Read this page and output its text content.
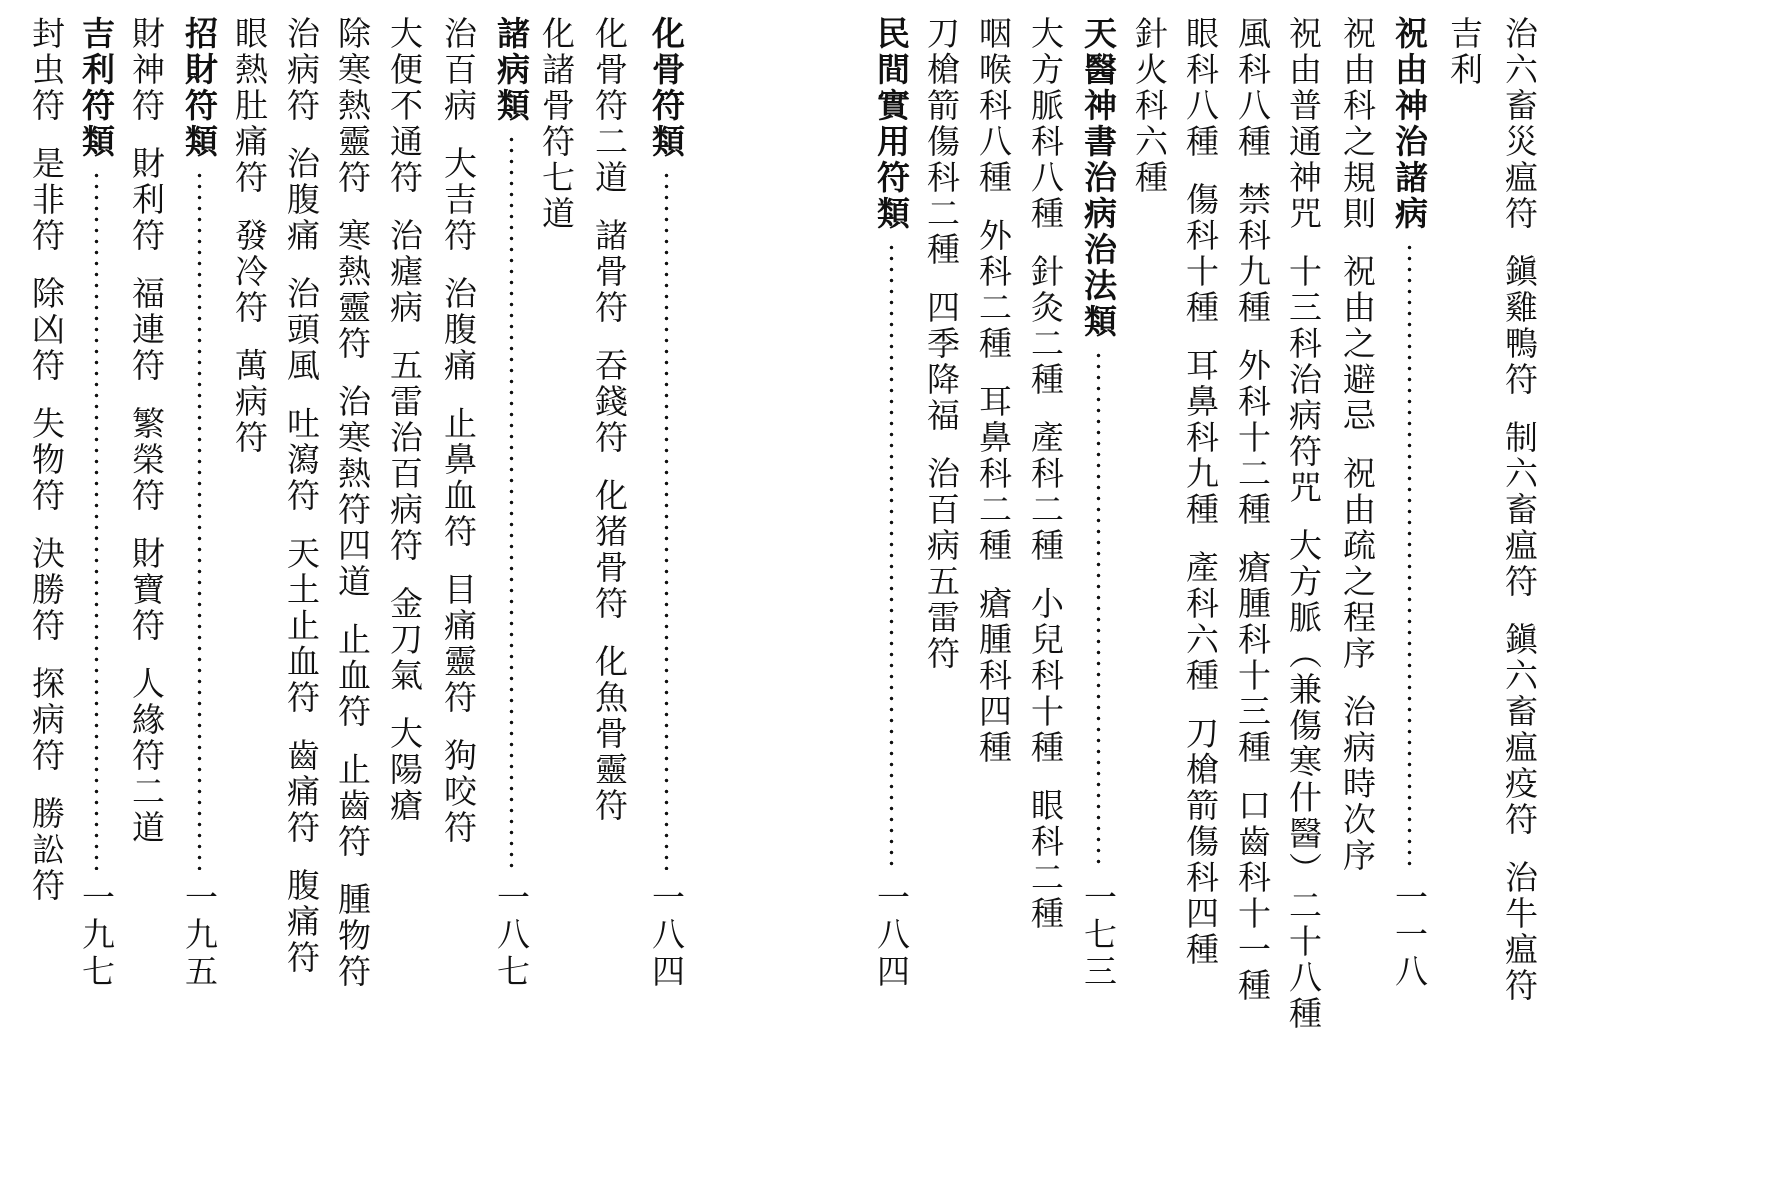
化骨符類
一八四
化骨符二道諸骨符吞錢符化猪骨符化魚骨靈符
化諸骨符七道
諸病類
一八七
治百病大吉符治腹痛止鼻血符目痛靈符狗咬符
大便不通符治瘧病五雷治百病符金刀氣大陽瘡
除寒熱靈符寒熱靈符治寒熱符四道止血符止齒符腫物符
治病符治腹痛治頭風吐瀉符天土止血符齒痛符腹痛符
眼熱肚痛符發冷符萬病符
招財符類
一九五
財神符財利符福連符繁榮符財寶符人緣符二道
吉利符類
一九七
封虫符是非符除凶符失物符決勝符探病符勝訟符
治六畜災瘟符鎭雞鴨符制六畜瘟符鎭六畜瘟疫符治牛瘟符
吉利
祝由神治諸病
一一八
祝由科之規則祝由之避忌祝由疏之程序治病時次序
祝由普通神咒十三科治病符咒大方脈（兼傷寒什醫）二十八種
風科八種禁科九種外科十二種瘡腫科十三種口齒科十一種
眼科八種傷科十種耳鼻科九種產科六種刀槍箭傷科四種
針火科六種
天醫神書治病治法類
一七三
大方脈科八種針灸二種產科二種小兒科十種眼科二種
咽喉科八種外科二種耳鼻科二種瘡腫科四種
刀槍箭傷科二種四季降福治百病五雷符
民間實用符類
一八四
